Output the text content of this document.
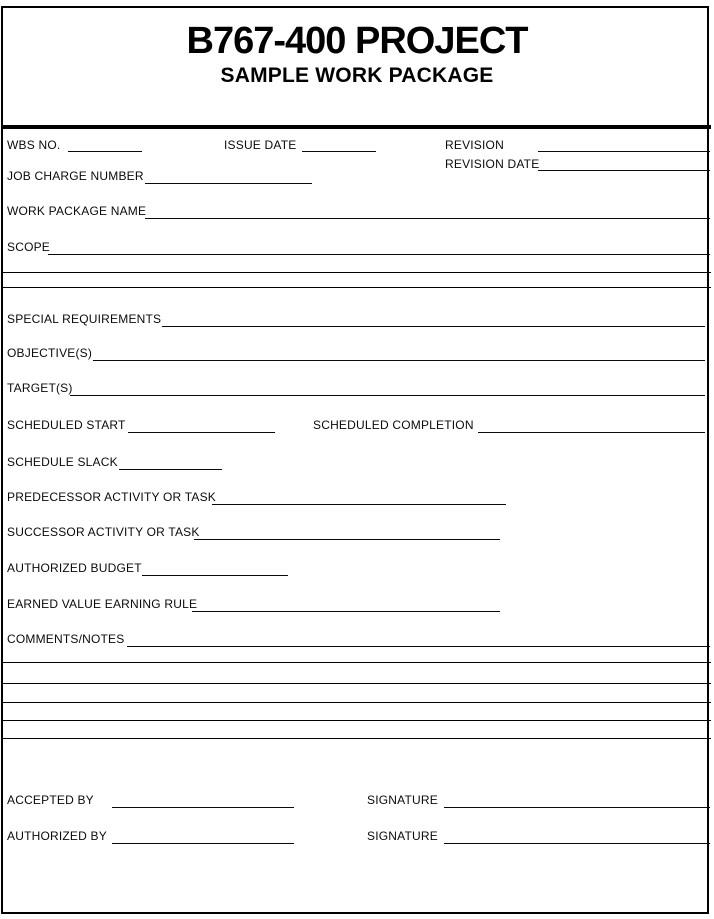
B767-400 PROJECT
SAMPLE WORK PACKAGE
WBS NO.	ISSUE DATE	REVISION
REVISION DATE
JOB CHARGE NUMBER
WORK PACKAGE NAME
SCOPE
SPECIAL REQUIREMENTS
OBJECTIVE(S)
TARGET(S)
SCHEDULED START	SCHEDULED COMPLETION
SCHEDULE SLACK
PREDECESSOR ACTIVITY OR TASK
SUCCESSOR ACTIVITY OR TASK
AUTHORIZED BUDGET
EARNED VALUE EARNING RULE
COMMENTS/NOTES
ACCEPTED BY	SIGNATURE
AUTHORIZED BY	SIGNATURE
